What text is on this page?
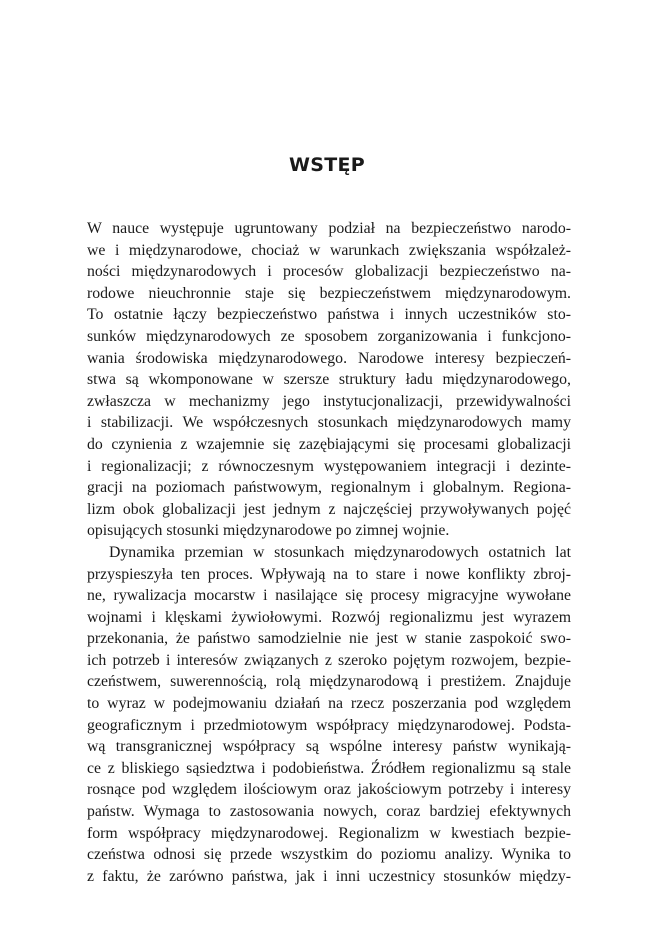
WSTĘP
W nauce występuje ugruntowany podział na bezpieczeństwo narodo-
we i międzynarodowe, chociaż w warunkach zwiększania współzależ-
ności międzynarodowych i procesów globalizacji bezpieczeństwo na-
rodowe nieuchronnie staje się bezpieczeństwem międzynarodowym.
To ostatnie łączy bezpieczeństwo państwa i innych uczestników sto-
sunków międzynarodowych ze sposobem zorganizowania i funkcjono-
wania środowiska międzynarodowego. Narodowe interesy bezpieczeń-
stwa są wkomponowane w szersze struktury ładu międzynarodowego,
zwłaszcza w mechanizmy jego instytucjonalizacji, przewidywalności
i stabilizacji. We współczesnych stosunkach międzynarodowych mamy
do czynienia z wzajemnie się zazębiającymi się procesami globalizacji
i regionalizacji; z równoczesnym występowaniem integracji i dezinte-
gracji na poziomach państwowym, regionalnym i globalnym. Regiona-
lizm obok globalizacji jest jednym z najczęściej przywoływanych pojęć
opisujących stosunki międzynarodowe po zimnej wojnie.
Dynamika przemian w stosunkach międzynarodowych ostatnich lat
przyspieszyła ten proces. Wpływają na to stare i nowe konflikty zbroj-
ne, rywalizacja mocarstw i nasilające się procesy migracyjne wywołane
wojnami i klęskami żywiołowymi. Rozwój regionalizmu jest wyrazem
przekonania, że państwo samodzielnie nie jest w stanie zaspokoić swo-
ich potrzeb i interesów związanych z szeroko pojętym rozwojem, bezpie-
czeństwem, suwerennością, rolą międzynarodową i prestiżem. Znajduje
to wyraz w podejmowaniu działań na rzecz poszerzania pod względem
geograficznym i przedmiotowym współpracy międzynarodowej. Podsta-
wą transgranicznej współpracy są wspólne interesy państw wynikają-
ce z bliskiego sąsiedztwa i podobieństwa. Źródłem regionalizmu są stale
rosnące pod względem ilościowym oraz jakościowym potrzeby i interesy
państw. Wymaga to zastosowania nowych, coraz bardziej efektywnych
form współpracy międzynarodowej. Regionalizm w kwestiach bezpie-
czeństwa odnosi się przede wszystkim do poziomu analizy. Wynika to
z faktu, że zarówno państwa, jak i inni uczestnicy stosunków między-
